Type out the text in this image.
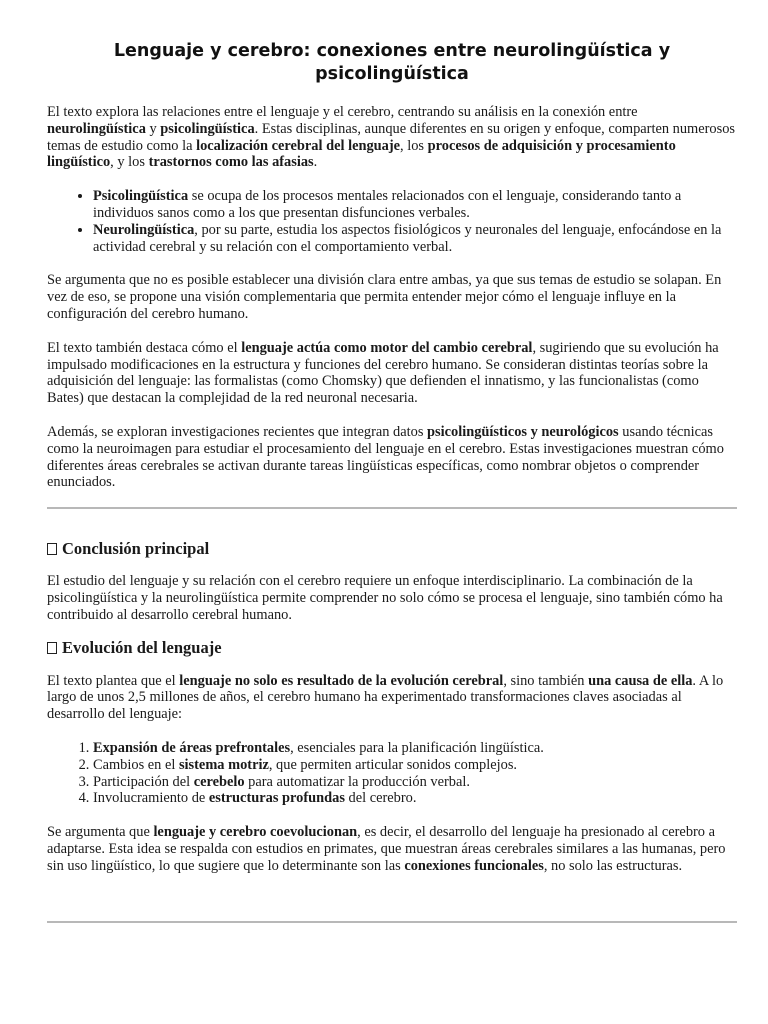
Lenguaje y cerebro: conexiones entre neurolingüística y psicolingüística

El texto explora las relaciones entre el lenguaje y el cerebro, centrando su análisis en la conexión entre neurolingüística y psicolingüística. Estas disciplinas, aunque diferentes en su origen y enfoque, comparten numerosos temas de estudio como la localización cerebral del lenguaje, los procesos de adquisición y procesamiento lingüístico, y los trastornos como las afasias.

• Psicolingüística se ocupa de los procesos mentales relacionados con el lenguaje, considerando tanto a individuos sanos como a los que presentan disfunciones verbales.
• Neurolingüística, por su parte, estudia los aspectos fisiológicos y neuronales del lenguaje, enfocándose en la actividad cerebral y su relación con el comportamiento verbal.

Se argumenta que no es posible establecer una división clara entre ambas, ya que sus temas de estudio se solapan. En vez de eso, se propone una visión complementaria que permita entender mejor cómo el lenguaje influye en la configuración del cerebro humano.

El texto también destaca cómo el lenguaje actúa como motor del cambio cerebral, sugiriendo que su evolución ha impulsado modificaciones en la estructura y funciones del cerebro humano. Se consideran distintas teorías sobre la adquisición del lenguaje: las formalistas (como Chomsky) que defienden el innatismo, y las funcionalistas (como Bates) que destacan la complejidad de la red neuronal necesaria.

Además, se exploran investigaciones recientes que integran datos psicolingüísticos y neurológicos usando técnicas como la neuroimagen para estudiar el procesamiento del lenguaje en el cerebro. Estas investigaciones muestran cómo diferentes áreas cerebrales se activan durante tareas lingüísticas específicas, como nombrar objetos o comprender enunciados.

Conclusión principal

El estudio del lenguaje y su relación con el cerebro requiere un enfoque interdisciplinario. La combinación de la psicolingüística y la neurolingüística permite comprender no solo cómo se procesa el lenguaje, sino también cómo ha contribuido al desarrollo cerebral humano.

Evolución del lenguaje

El texto plantea que el lenguaje no solo es resultado de la evolución cerebral, sino también una causa de ella. A lo largo de unos 2,5 millones de años, el cerebro humano ha experimentado transformaciones claves asociadas al desarrollo del lenguaje:

1. Expansión de áreas prefrontales, esenciales para la planificación lingüística.
2. Cambios en el sistema motriz, que permiten articular sonidos complejos.
3. Participación del cerebelo para automatizar la producción verbal.
4. Involucramiento de estructuras profundas del cerebro.

Se argumenta que lenguaje y cerebro coevolucionan, es decir, el desarrollo del lenguaje ha presionado al cerebro a adaptarse. Esta idea se respalda con estudios en primates, que muestran áreas cerebrales similares a las humanas, pero sin uso lingüístico, lo que sugiere que lo determinante son las conexiones funcionales, no solo las estructuras.
